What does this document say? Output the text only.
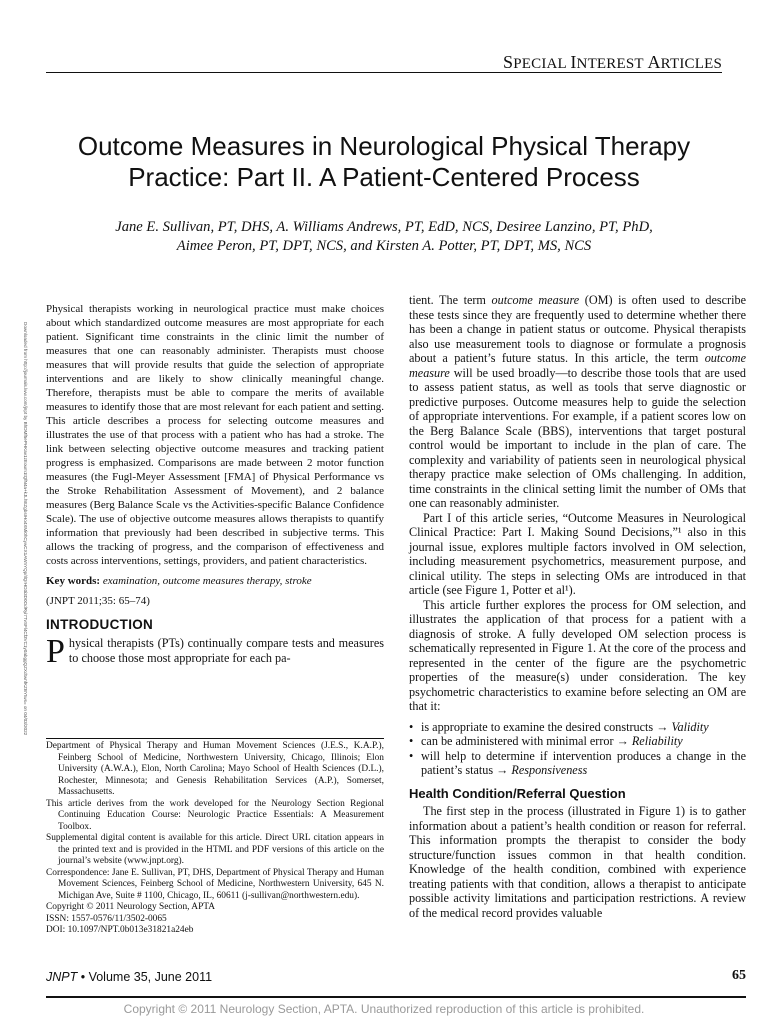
SPECIAL INTEREST ARTICLES
Outcome Measures in Neurological Physical Therapy
Practice: Part II. A Patient-Centered Process
Jane E. Sullivan, PT, DHS, A. Williams Andrews, PT, EdD, NCS, Desiree Lanzino, PT, PhD,
Aimee Peron, PT, DPT, NCS, and Kirsten A. Potter, PT, DPT, MS, NCS
Downloaded from http://journals.lww.com/jnpt by BhDMf5ePHKav1zEoum1tQfN4a+kJLhEZgbsIHo4XMi0hCywCX1AWnYQp/IlQrHD3i3D0OdRyi7TvSFl4Cf3VC1y0abggQZXdtwnfKZBYtws= on 04/03/2022

Physical therapists working in neurological practice must make choices about which standardized outcome measures are most appropriate for each patient. Significant time constraints in the clinic limit the number of measures that one can reasonably administer. Therapists must choose measures that will provide results that guide the selection of appropriate interventions and are likely to show clinically meaningful change. Therefore, therapists must be able to compare the merits of available measures to identify those that are most relevant for each patient and setting. This article describes a process for selecting outcome measures and illustrates the use of that process with a patient who has had a stroke. The link between selecting objective outcome measures and tracking patient progress is emphasized. Comparisons are made between 2 motor function measures (the Fugl-Meyer Assessment [FMA] of Physical Performance vs the Stroke Rehabilitation Assessment of Movement), and 2 balance measures (Berg Balance Scale vs the Activities-specific Balance Confidence Scale). The use of objective outcome measures allows therapists to quantify information that previously had been described in subjective terms. This allows the tracking of progress, and the comparison of effectiveness and costs across interventions, settings, providers, and patient characteristics.

Key words: examination, outcome measures therapy, stroke

(JNPT 2011;35: 65–74)

INTRODUCTION

Physical therapists (PTs) continually compare tests and measures to choose those most appropriate for each pa-

Department of Physical Therapy and Human Movement Sciences (J.E.S., K.A.P.), Feinberg School of Medicine, Northwestern University, Chicago, Illinois; Elon University (A.W.A.), Elon, North Carolina; Mayo School of Health Sciences (D.L.), Rochester, Minnesota; and Genesis Rehabilitation Services (A.P.), Somerset, Massachusetts.

This article derives from the work developed for the Neurology Section Regional Continuing Education Course: Neurologic Practice Essentials: A Measurement Toolbox.

Supplemental digital content is available for this article. Direct URL citation appears in the printed text and is provided in the HTML and PDF versions of this article on the journal’s website (www.jnpt.org).

Correspondence: Jane E. Sullivan, PT, DHS, Department of Physical Therapy and Human Movement Sciences, Feinberg School of Medicine, Northwestern University, 645 N. Michigan Ave, Suite # 1100, Chicago, IL, 60611 (j-sullivan@northwestern.edu).

Copyright © 2011 Neurology Section, APTA

ISSN: 1557-0576/11/3502-0065

DOI: 10.1097/NPT.0b013e31821a24eb

tient. The term outcome measure (OM) is often used to describe these tests since they are frequently used to determine whether there has been a change in patient status or outcome. Physical therapists also use measurement tools to diagnose or formulate a prognosis about a patient’s future status. In this article, the term outcome measure will be used broadly—to describe those tools that are used to assess patient status, as well as tools that serve diagnostic or predictive purposes. Outcome measures help to guide the selection of appropriate interventions. For example, if a patient scores low on the Berg Balance Scale (BBS), interventions that target postural control would be important to include in the plan of care. The complexity and variability of patients seen in neurological physical therapy practice make selection of OMs challenging. In addition, time constraints in the clinical setting limit the number of OMs that one can reasonably administer.

Part I of this article series, “Outcome Measures in Neurological Clinical Practice: Part I. Making Sound Decisions,”¹ also in this journal issue, explores multiple factors involved in OM selection, including measurement psychometrics, measurement purpose, and clinical utility. The steps in selecting OMs are introduced in that article (see Figure 1, Potter et al¹).

This article further explores the process for OM selection, and illustrates the application of that process for a patient with a diagnosis of stroke. A fully developed OM selection process is schematically represented in Figure 1. At the core of the process and represented in the center of the figure are the psychometric properties of the measure(s) under consideration. The key psychometric characteristics to examine before selecting an OM are that it:

• is appropriate to examine the desired constructs → Validity
• can be administered with minimal error → Reliability
• will help to determine if intervention produces a change in the patient’s status → Responsiveness
Health Condition/Referral Question

The first step in the process (illustrated in Figure 1) is to gather information about a patient’s health condition or reason for referral. This information prompts the therapist to consider the body structure/function issues common in that health condition. Knowledge of the health condition, combined with experience treating patients with that condition, allows a therapist to anticipate possible activity limitations and participation restrictions. A review of the medical record provides valuable

JNPT • Volume 35, June 2011	65
Copyright © 2011 Neurology Section, APTA. Unauthorized reproduction of this article is prohibited.
